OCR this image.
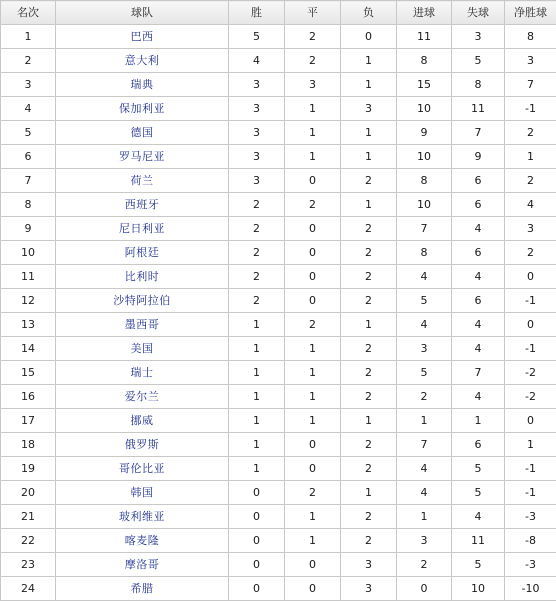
名次	球队	胜	平	负	进球	失球	净胜球
1	巴西	5	2	0	11	3	8
2	意大利	4	2	1	8	5	3
3	瑞典	3	3	1	15	8	7
4	保加利亚	3	1	3	10	11	-1
5	德国	3	1	1	9	7	2
6	罗马尼亚	3	1	1	10	9	1
7	荷兰	3	0	2	8	6	2
8	西班牙	2	2	1	10	6	4
9	尼日利亚	2	0	2	7	4	3
10	阿根廷	2	0	2	8	6	2
11	比利时	2	0	2	4	4	0
12	沙特阿拉伯	2	0	2	5	6	-1
13	墨西哥	1	2	1	4	4	0
14	美国	1	1	2	3	4	-1
15	瑞士	1	1	2	5	7	-2
16	爱尔兰	1	1	2	2	4	-2
17	挪威	1	1	1	1	1	0
18	俄罗斯	1	0	2	7	6	1
19	哥伦比亚	1	0	2	4	5	-1
20	韩国	0	2	1	4	5	-1
21	玻利维亚	0	1	2	1	4	-3
22	喀麦隆	0	1	2	3	11	-8
23	摩洛哥	0	0	3	2	5	-3
24	希腊	0	0	3	0	10	-10
